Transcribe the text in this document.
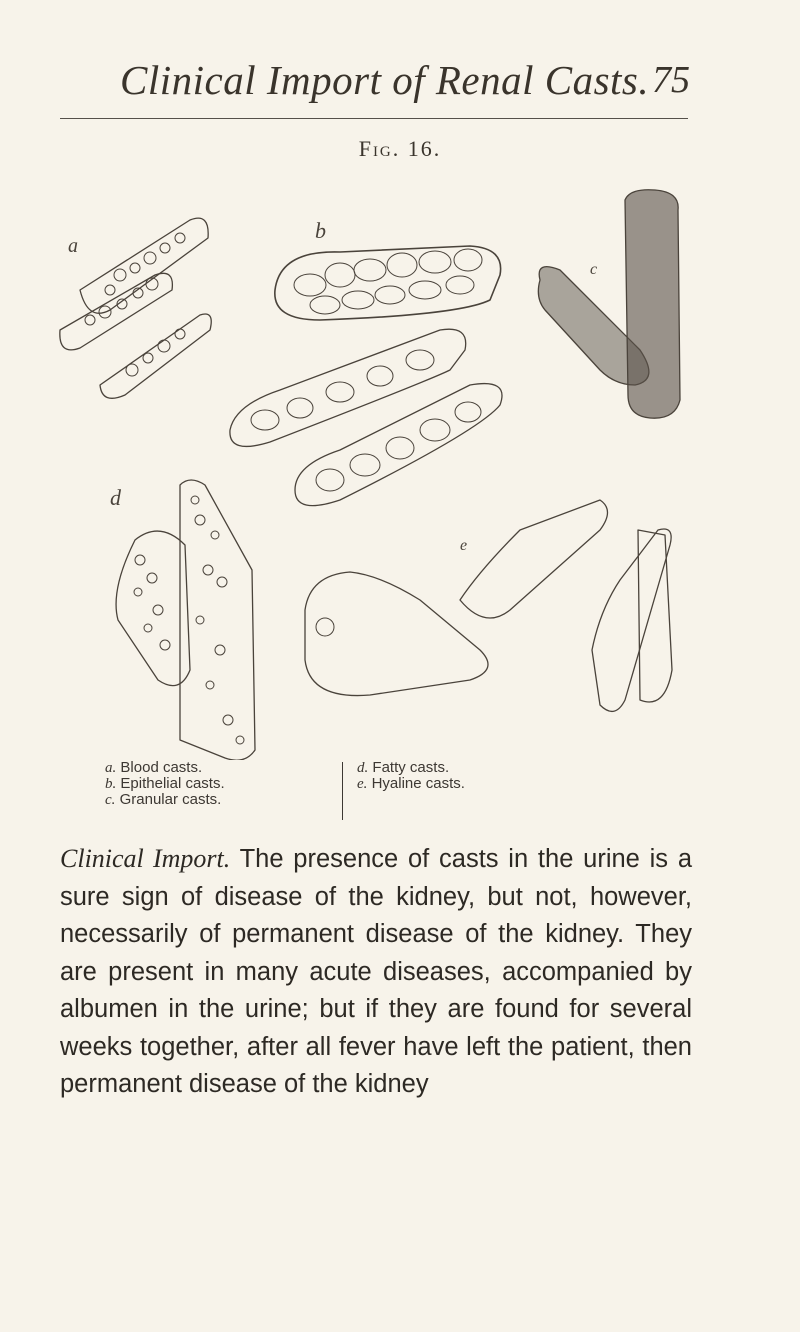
Clinical Import of Renal Casts. 75
Fig. 16.
a
b
c
d
e
a. Blood casts.
b. Epithelial casts.
c. Granular casts.
d. Fatty casts.
e. Hyaline casts.
Clinical Import. The presence of casts in the urine is a sure sign of disease of the kidney, but not, however, necessarily of permanent disease of the kidney. They are present in many acute diseases, accompanied by albumen in the urine; but if they are found for several weeks together, after all fever have left the patient, then permanent disease of the kidney
